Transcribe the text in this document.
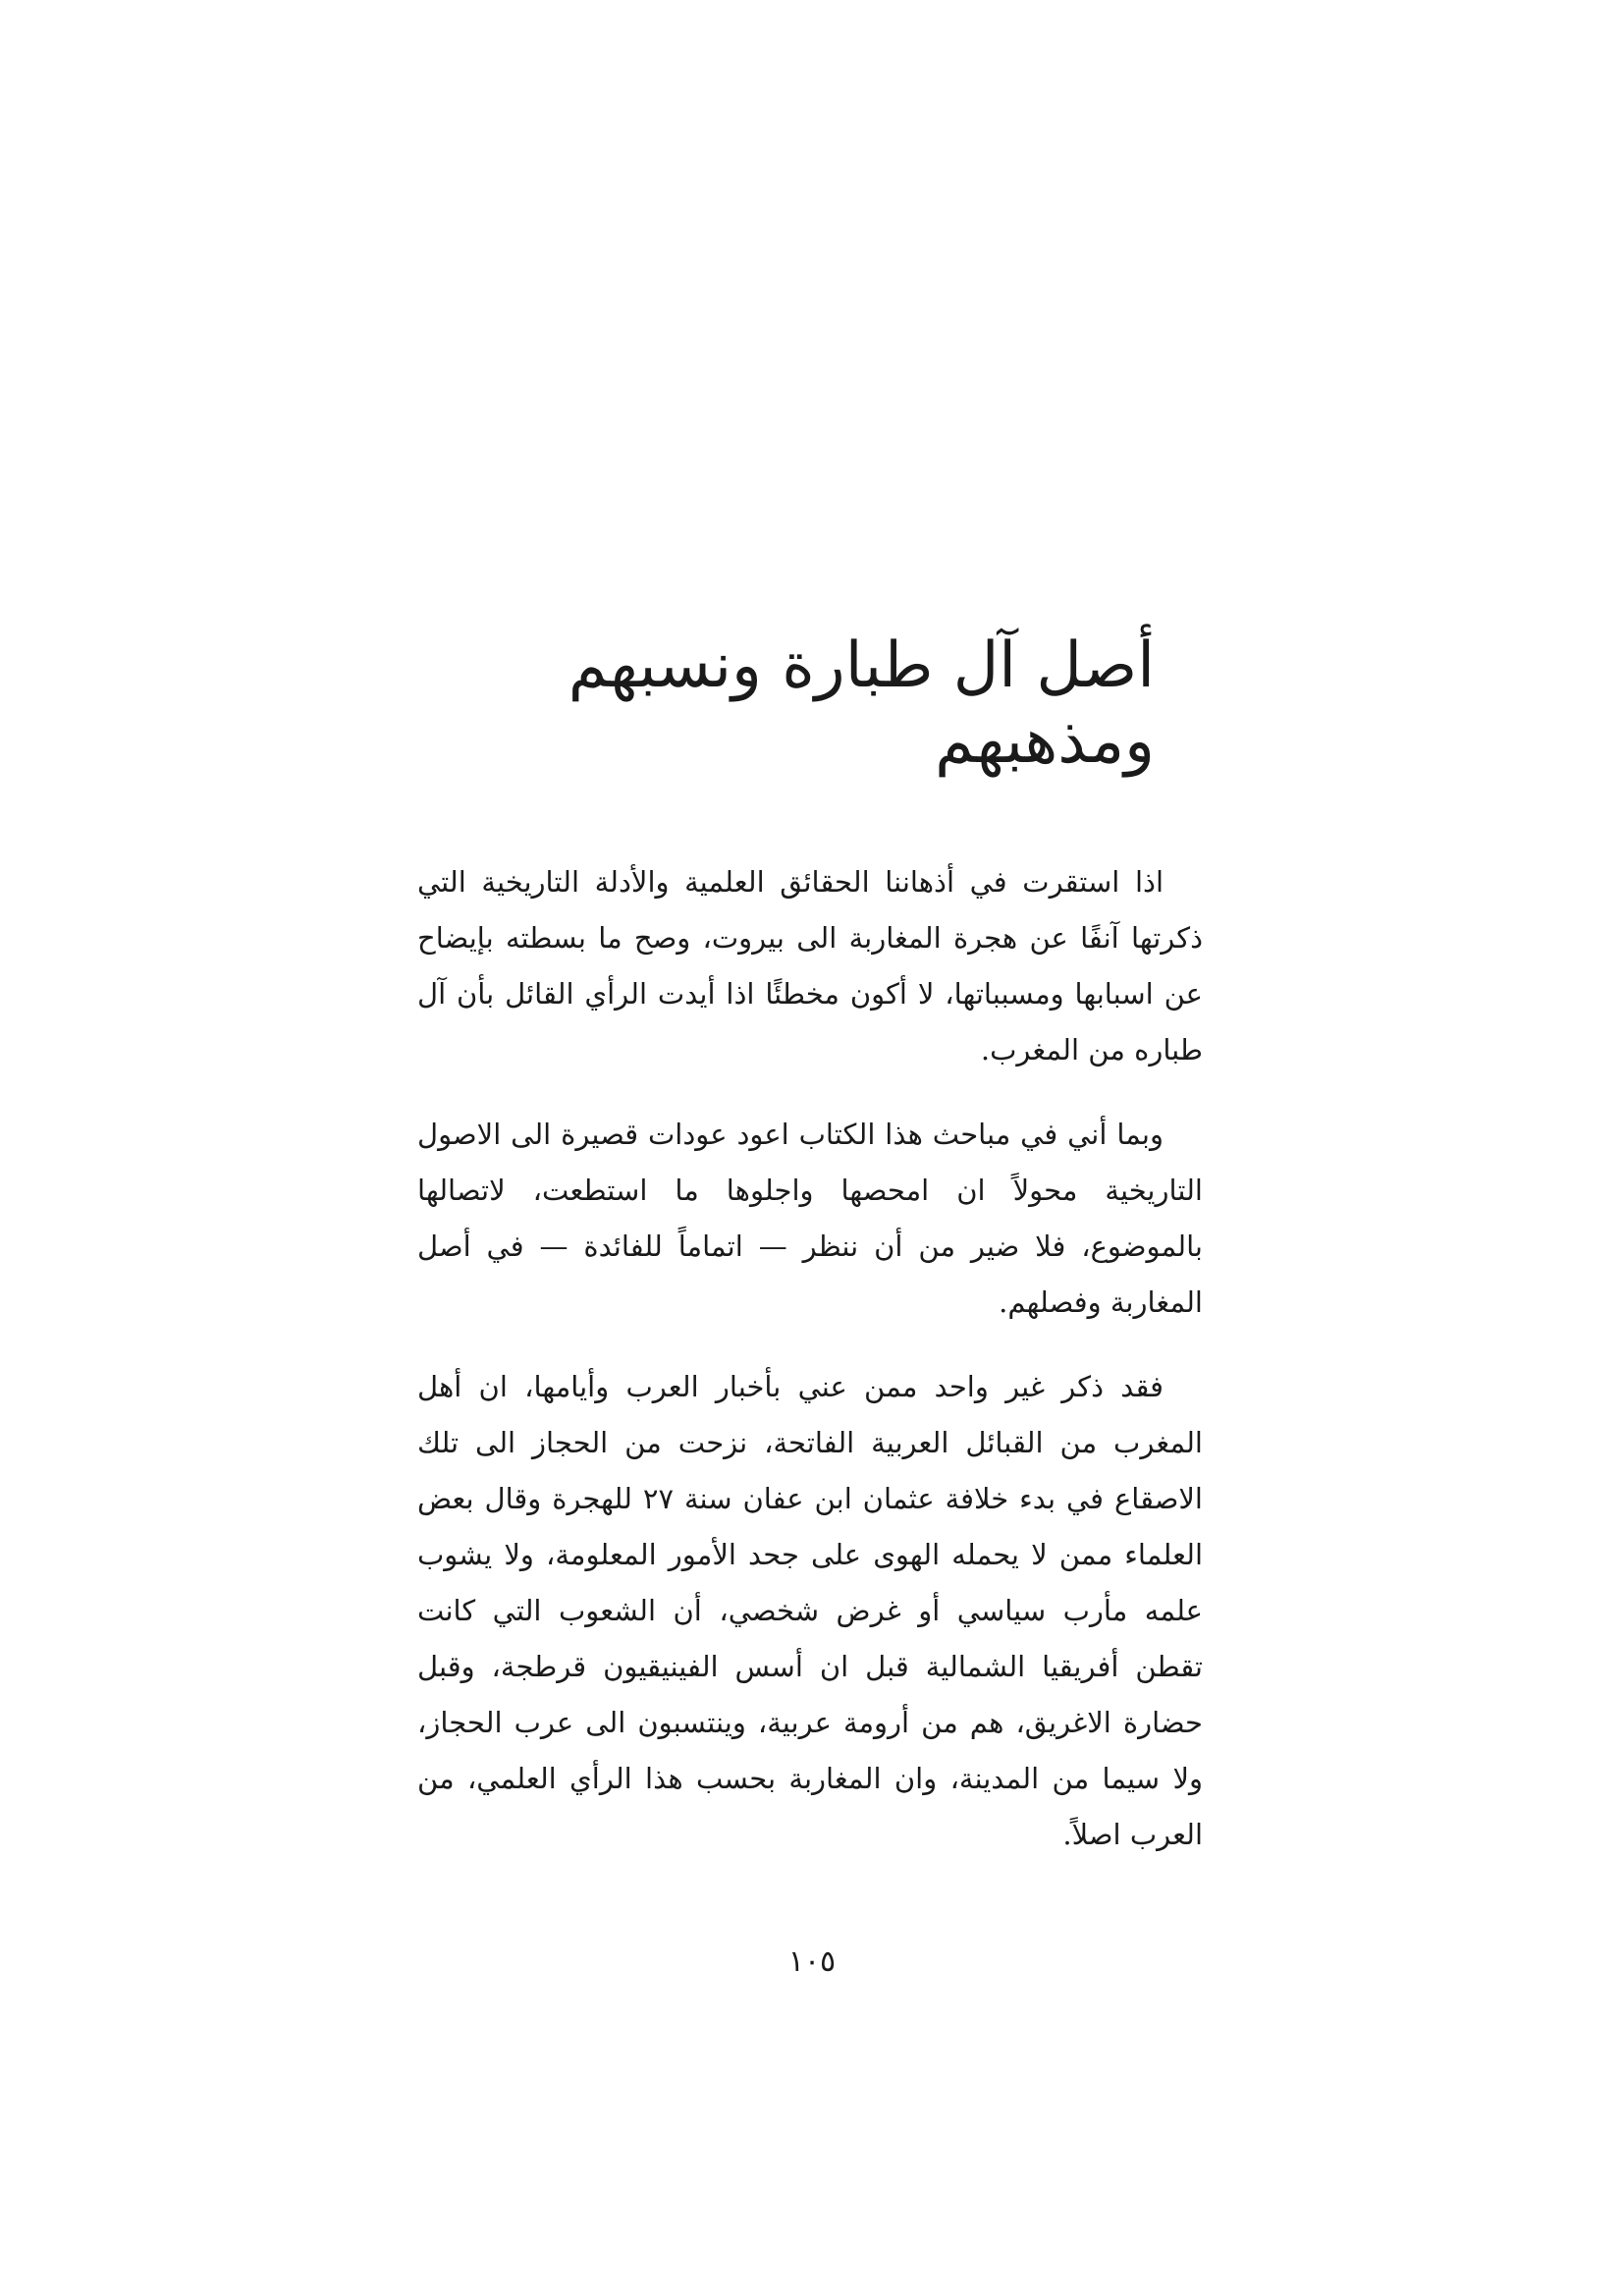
أصل آل طبارة ونسبهم ومذهبهم

اذا استقرت في أذهاننا الحقائق العلمية والأدلة التاريخية التي ذكرتها آنفًا عن هجرة المغاربة الى بيروت، وصح ما بسطته بإيضاح عن اسبابها ومسبباتها، لا أكون مخطئًا اذا أيدت الرأي القائل بأن آل طباره من المغرب.

وبما أني في مباحث هذا الكتاب اعود عودات قصيرة الى الاصول التاريخية محولاً ان امحصها واجلوها ما استطعت، لاتصالها بالموضوع، فلا ضير من أن ننظر — اتماماً للفائدة — في أصل المغاربة وفصلهم.

فقد ذكر غير واحد ممن عني بأخبار العرب وأيامها، ان أهل المغرب من القبائل العربية الفاتحة، نزحت من الحجاز الى تلك الاصقاع في بدء خلافة عثمان ابن عفان سنة ٢٧ للهجرة وقال بعض العلماء ممن لا يحمله الهوى على جحد الأمور المعلومة، ولا يشوب علمه مأرب سياسي أو غرض شخصي، أن الشعوب التي كانت تقطن أفريقيا الشمالية قبل ان أسس الفينيقيون قرطجة، وقبل حضارة الاغريق، هم من أرومة عربية، وينتسبون الى عرب الحجاز، ولا سيما من المدينة، وان المغاربة بحسب هذا الرأي العلمي، من العرب اصلاً.

١٠٥
